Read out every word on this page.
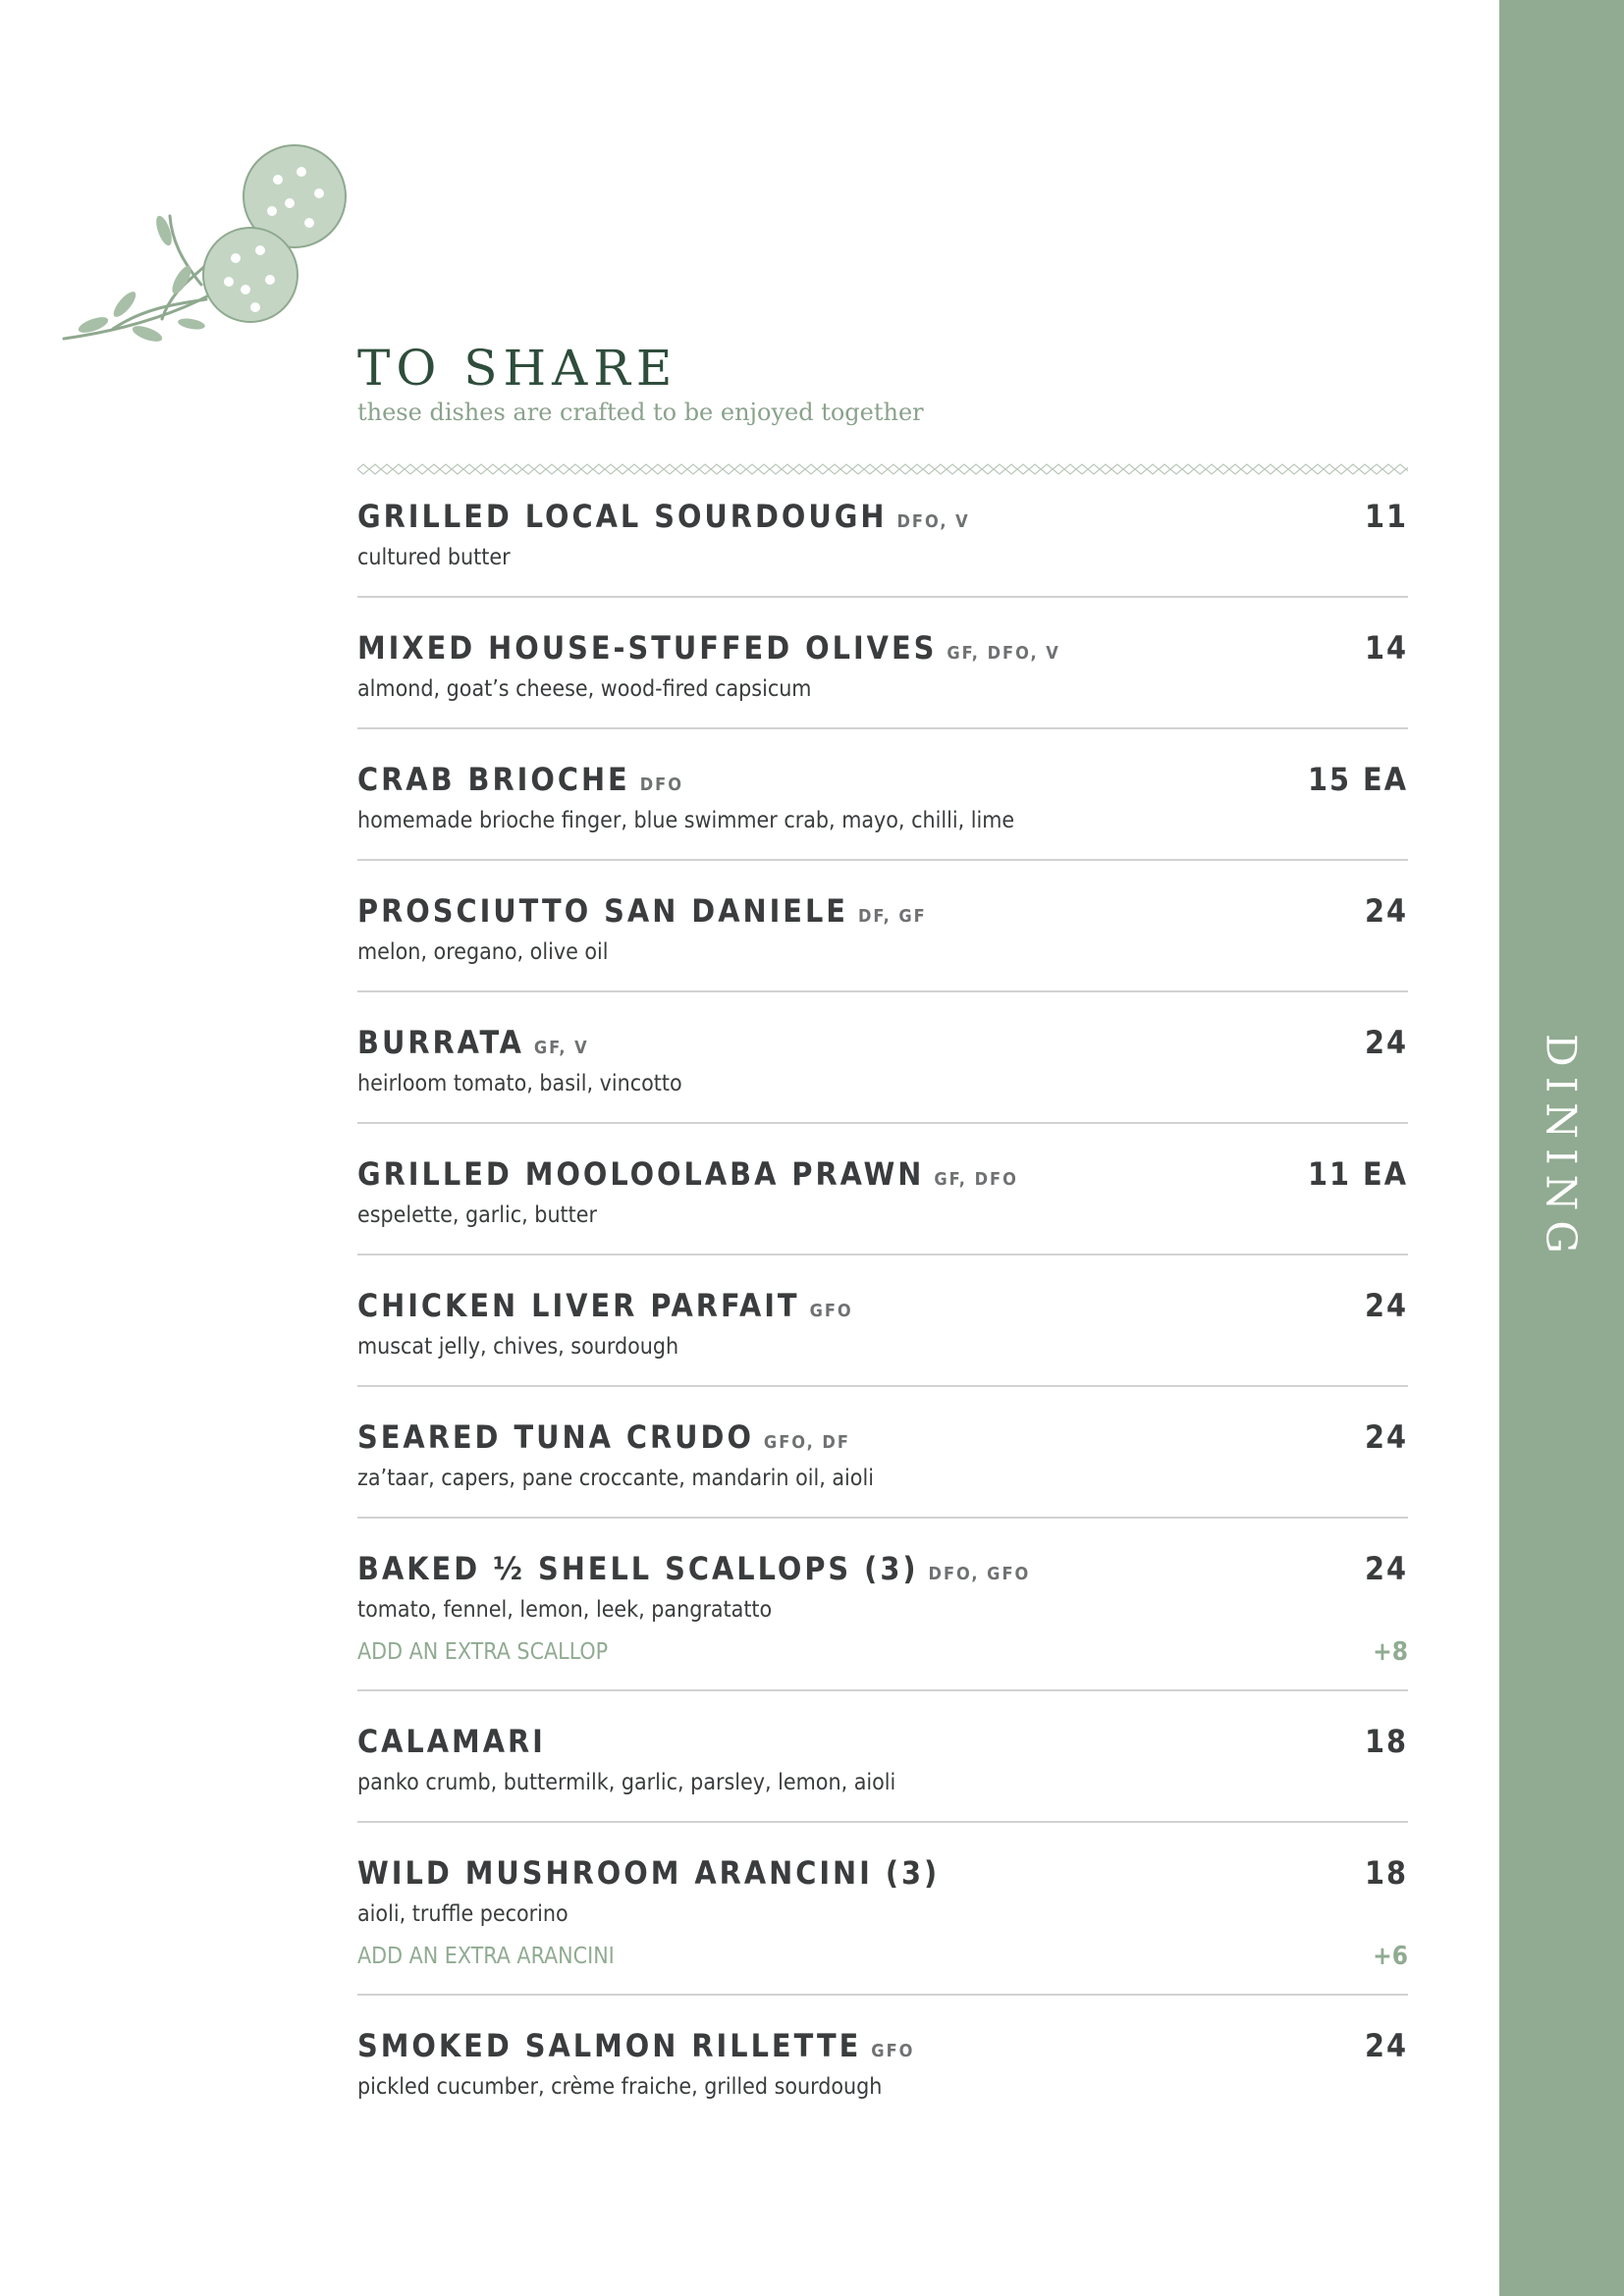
DINING
TO SHARE
these dishes are crafted to be enjoyed together
GRILLED LOCAL SOURDOUGH DFO, V	11
cultured butter
MIXED HOUSE-STUFFED OLIVES GF, DFO, V	14
almond, goat’s cheese, wood-fired capsicum
CRAB BRIOCHE DFO	15 EA
homemade brioche finger, blue swimmer crab, mayo, chilli, lime
PROSCIUTTO SAN DANIELE DF, GF	24
melon, oregano, olive oil
BURRATA GF, V	24
heirloom tomato, basil, vincotto
GRILLED MOOLOOLABA PRAWN GF, DFO	11 EA
espelette, garlic, butter
CHICKEN LIVER PARFAIT GFO	24
muscat jelly, chives, sourdough
SEARED TUNA CRUDO GFO, DF	24
za’taar, capers, pane croccante, mandarin oil, aioli
BAKED ½ SHELL SCALLOPS (3) DFO, GFO	24
tomato, fennel, lemon, leek, pangratatto
ADD AN EXTRA SCALLOP	+8
CALAMARI	18
panko crumb, buttermilk, garlic, parsley, lemon, aioli
WILD MUSHROOM ARANCINI (3)	18
aioli, truffle pecorino
ADD AN EXTRA ARANCINI	+6
SMOKED SALMON RILLETTE GFO	24
pickled cucumber, crème fraiche, grilled sourdough
